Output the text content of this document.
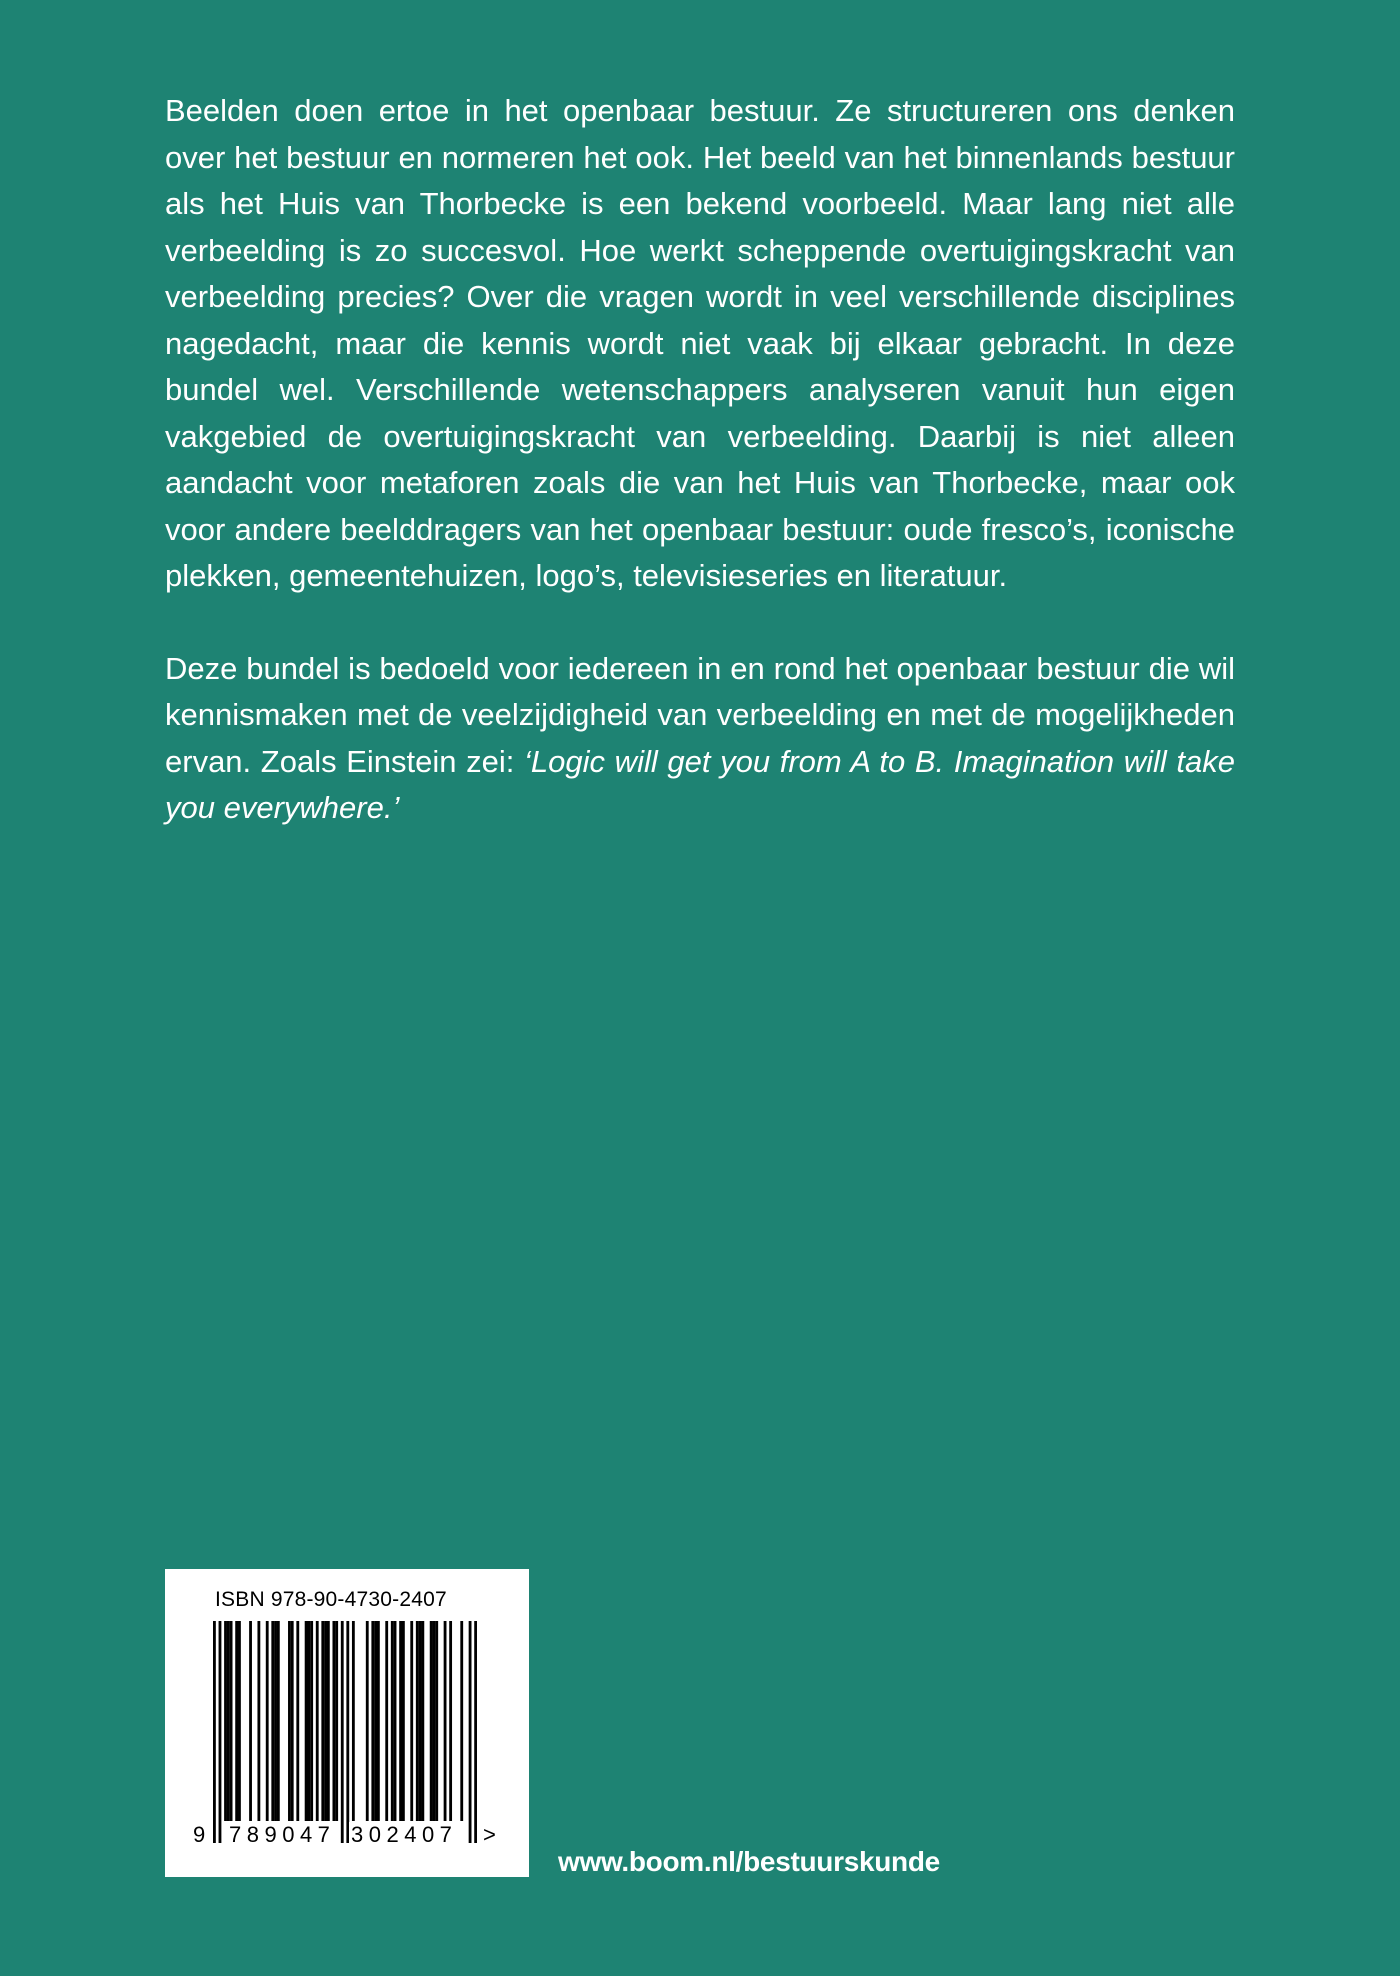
Beelden doen ertoe in het openbaar bestuur. Ze structureren ons denken over het bestuur en normeren het ook. Het beeld van het binnenlands bestuur als het Huis van Thorbecke is een bekend voorbeeld. Maar lang niet alle verbeelding is zo succesvol. Hoe werkt scheppende overtuigingskracht van verbeelding precies? Over die vragen wordt in veel verschillende disciplines nagedacht, maar die kennis wordt niet vaak bij elkaar gebracht. In deze bundel wel. Verschillende wetenschappers analyseren vanuit hun eigen vakgebied de overtuigingskracht van verbeelding. Daarbij is niet alleen aandacht voor metaforen zoals die van het Huis van Thorbecke, maar ook voor andere beelddragers van het openbaar bestuur: oude fresco’s, iconische plekken, gemeentehuizen, logo’s, televisieseries en literatuur.

Deze bundel is bedoeld voor iedereen in en rond het openbaar bestuur die wil kennismaken met de veelzijdigheid van verbeelding en met de mogelijkheden ervan. Zoals Einstein zei: ‘Logic will get you from A to B. Imagination will take you everywhere.’

ISBN 978-90-4730-2407
9 789047 302407 >
www.boom.nl/bestuurskunde
